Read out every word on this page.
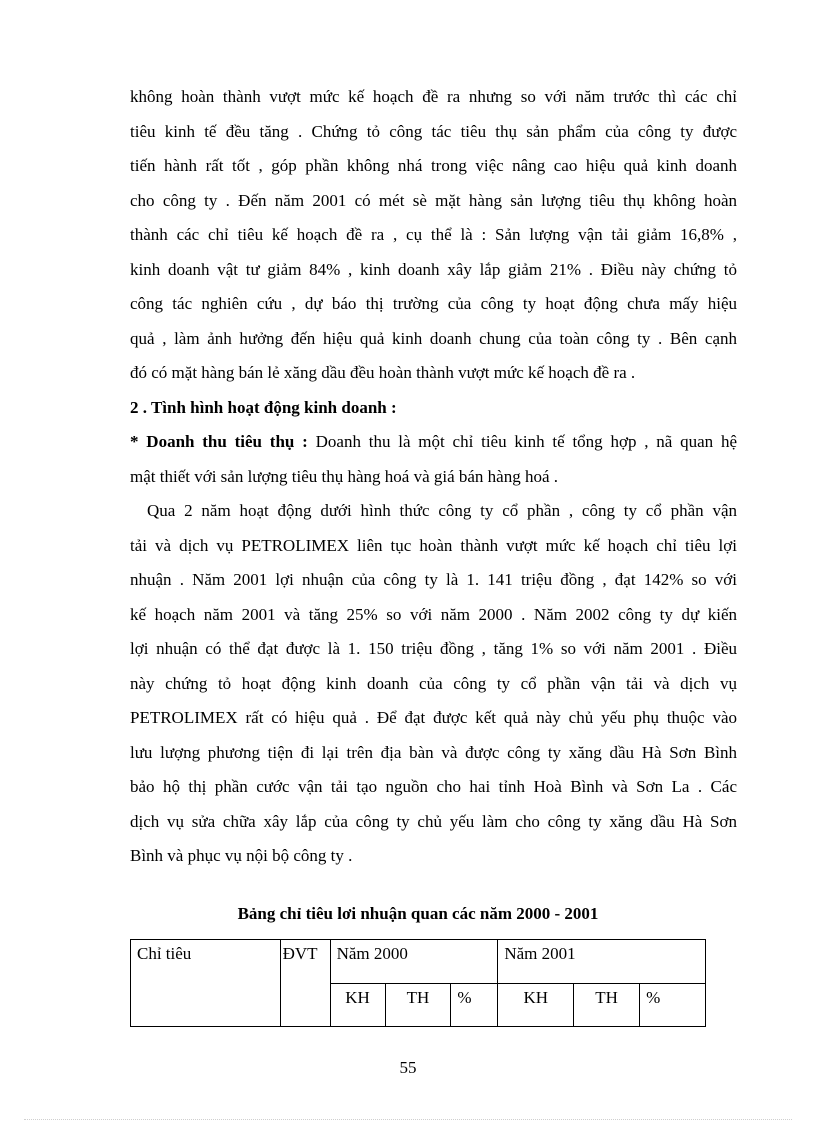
không hoàn thành vượt mức kế hoạch đề ra nhưng so với năm trước thì các chỉ
tiêu kinh tế đều tăng . Chứng tỏ công tác tiêu thụ sản phẩm của công ty được
tiến hành rất tốt , góp phần không nhá trong việc nâng cao hiệu quả kinh doanh
cho công ty . Đến năm 2001 có mét sè mặt hàng sản lượng tiêu thụ không hoàn
thành các chỉ tiêu kế hoạch đề ra , cụ thể là : Sản lượng vận tải giảm 16,8% ,
kinh doanh vật tư giảm 84% , kinh doanh xây lắp giảm 21% . Điều này chứng tỏ
công tác nghiên cứu , dự báo thị trường của công ty hoạt động chưa mấy hiệu
quả , làm ảnh hưởng đến hiệu quả kinh doanh chung của toàn công ty . Bên cạnh
đó có mặt hàng bán lẻ xăng dầu đều hoàn thành vượt mức kế hoạch đề ra .

2 . Tình hình hoạt động kinh doanh :

* Doanh thu tiêu thụ : Doanh thu là một chỉ tiêu kinh tế tổng hợp , nã quan hệ
mật thiết với sản lượng tiêu thụ hàng hoá và giá bán hàng hoá .
Qua 2 năm hoạt động dưới hình thức công ty cổ phần , công ty cổ phần vận
tải và dịch vụ PETROLIMEX liên tục hoàn thành vượt mức kế hoạch chỉ tiêu lợi
nhuận . Năm 2001 lợi nhuận của công ty là 1. 141 triệu đồng , đạt 142% so với
kế hoạch năm 2001 và tăng 25% so với năm 2000 . Năm 2002 công ty dự kiến
lợi nhuận có thể đạt được là 1. 150 triệu đồng , tăng 1% so với năm 2001 . Điều
này chứng tỏ hoạt động kinh doanh của công ty cổ phần vận tải và dịch vụ
PETROLIMEX rất có hiệu quả . Để đạt được kết quả này chủ yếu phụ thuộc vào
lưu lượng phương tiện đi lại trên địa bàn và được công ty xăng dầu Hà Sơn Bình
bảo hộ thị phần cước vận tải tạo nguồn cho hai tỉnh Hoà Bình và Sơn La . Các
dịch vụ sửa chữa xây lắp của công ty chủ yếu làm cho công ty xăng dầu Hà Sơn
Bình và phục vụ nội bộ công ty .

Bảng chỉ tiêu lơi nhuận quan các năm 2000 - 2001

Chỉ tiêu	ĐVT	Năm 2000			Năm 2001		
		KH	TH	%	KH	TH	%

55
